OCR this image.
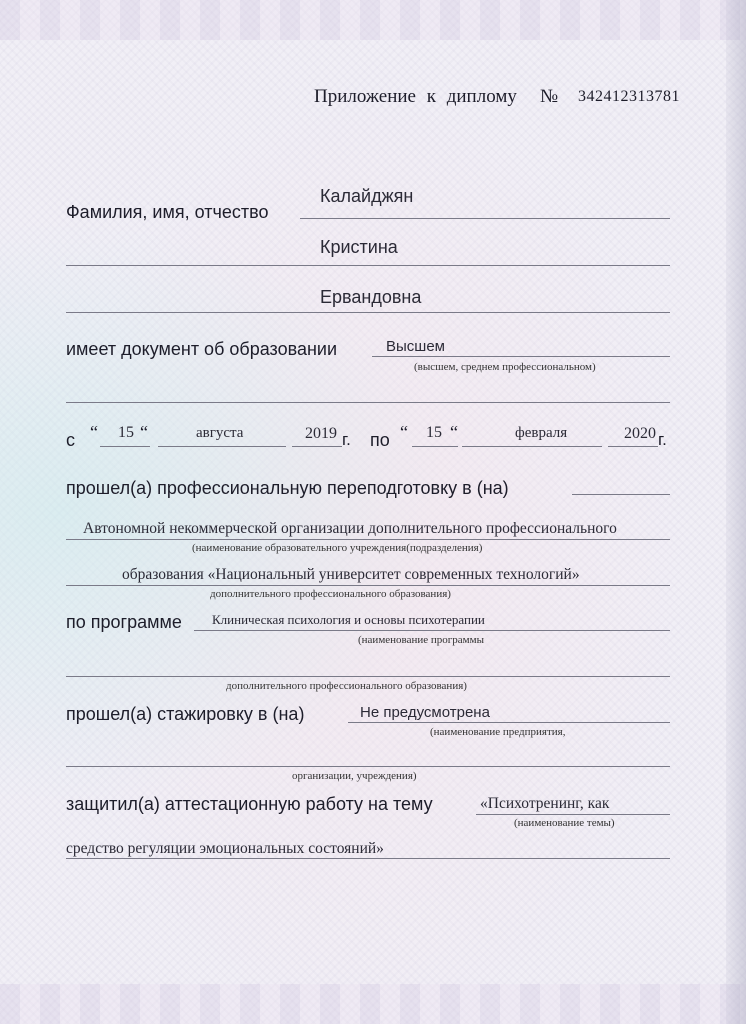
Приложение к диплому № 342412313781
Фамилия, имя, отчество
Калайджян
Кристина
Ервандовна
имеет документ об образовании	Высшем
(высшем, среднем профессиональном)
с “ 15 “	августа	2019 г. по “ 15 “	февраля	2020 г.
прошел(а) профессиональную переподготовку в (на)
Автономной некоммерческой организации дополнительного профессионального
(наименование образовательного учреждения(подразделения)
образования «Национальный университет современных технологий»
дополнительного профессионального образования)
по программе Клиническая психология и основы психотерапии
(наименование программы
дополнительного профессионального образования)
прошел(а) стажировку в (на)	Не предусмотрена
(наименование предприятия,
организации, учреждения)
защитил(а) аттестационную работу на тему	«Психотренинг, как
(наименование темы)
средство регуляции эмоциональных состояний»
